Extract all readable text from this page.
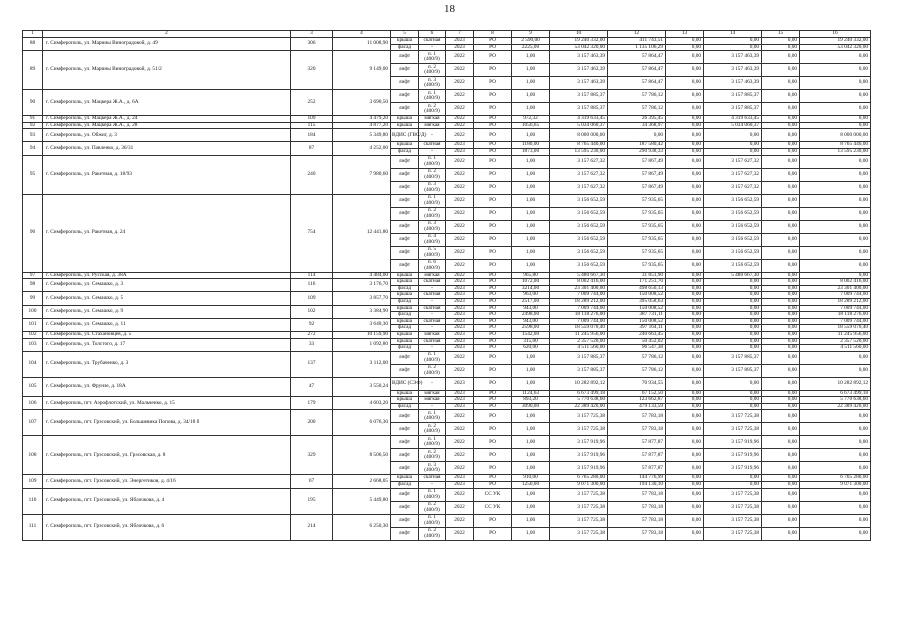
18
1	2	3	4	5	6	7	8	9	10	12	13	14	15	16
88	г. Симферополь, ул. Марины Виноградовой, д. 49	306	11 008,90	крыша	скатная	2023	РО	2 590,00	19 240 332,00	411 743,51	0,00	0,00	0,00	19 240 332,00
				фасад	-	2023	РО	2225,00	53 042 320,00	1 135 106,29	0,00	0,00	0,00	53 042 320,00
89	г. Симферополь, ул. Марины Виноградовой, д. 51/2	320	9 149,00	лифт	п. 1 (400/9)	2022	РО	1,00	3 157 463,39	57 864,47	0,00	3 157 463,39	0,00	0,00
				лифт	п. 2 (400/9)	2022	РО	1,00	3 157 463,39	57 864,47	0,00	3 157 463,39	0,00	0,00
				лифт	п. 3 (400/9)	2022	РО	1,00	3 157 463,39	57 864,47	0,00	3 157 463,39	0,00	0,00
90	г. Симферополь, ул. Мацкера Ж.А., д. 6А	252	3 690,50	лифт	п. 1 (400/9)	2022	РО	1,00	3 157 885,37	57 786,12	0,00	3 157 885,37	0,00	0,00
				лифт	п. 2 (400/9)	2022	РО	1,00	3 157 885,37	57 786,12	0,00	3 157 885,37	0,00	0,00
91	г. Симферополь, ул. Мацкера Ж.А., д. 24	109	4 479,20	крыша	мягкая	2022	РО	972,32	4 319 633,45	26 395,45	0,00	4 319 633,45	0,00	0,00
92	г. Симферополь, ул. Мацкера Ж.А., д. 28	115	4 877,20	крыша	мягкая	2022	РО	1056,65	5 034 060,37	34 368,97	0,00	5 034 060,37	0,00	0,00
93	г. Симферополь, ул. Обжиг, д. 3	184	5 349,80	ВДИС (ГВС/Д)	-	2022	РО	1,00	8 000 000,00	0,00	0,00	0,00	0,00	8 000 000,00
94	г. Симферополь, ул. Павленко, д. 36/31	87	4 252,00	крыша	скатная	2023	РО	1180,00	8 765 440,00	187 580,42	0,00	0,00	0,00	8 765 440,00
				фасад	-	2023	РО	1873,00	13 595 230,00	290 938,33	0,00	0,00	0,00	13 595 230,00
95	г. Симферополь, ул. Ракетная, д. 18/93	240	7 980,60	лифт	п. 1 (400/9)	2022	РО	1,00	3 157 627,32	57 867,49	0,00	3 157 627,32	0,00	0,00
				лифт	п. 2 (400/9)	2022	РО	1,00	3 157 627,32	57 867,49	0,00	3 157 627,32	0,00	0,00
				лифт	п. 3 (400/9)	2022	РО	1,00	3 157 627,32	57 867,49	0,00	3 157 627,32	0,00	0,00
96	г. Симферополь, ул. Ракетная, д. 24	754	12 441,80	лифт	п. 1 (400/9)	2022	РО	1,00	3 156 652,59	57 935,65	0,00	3 156 652,59	0,00	0,00
				лифт	п. 2 (400/9)	2022	РО	1,00	3 156 652,59	57 935,65	0,00	3 156 652,59	0,00	0,00
				лифт	п. 3 (400/9)	2022	РО	1,00	3 156 652,59	57 935,65	0,00	3 156 652,59	0,00	0,00
				лифт	п. 4 (400/9)	2022	РО	1,00	3 156 652,59	57 935,65	0,00	3 156 652,59	0,00	0,00
				лифт	п. 5 (400/9)	2022	РО	1,00	3 156 652,59	57 935,65	0,00	3 156 652,59	0,00	0,00
				лифт	п. 6 (400/9)	2022	РО	1,00	3 156 652,59	57 935,65	0,00	3 156 652,59	0,00	0,00
97	г. Симферополь, ул. Русская, д. 38А	114	4 484,00	крыша	мягкая	2022	РО	965,80	5 480 667,30	31 851,90	0,00	5 480 667,30	0,00	0,00
98	г. Симферополь, ул. Семашко, д. 3	116	3 176,70	крыша	скатная	2023	РО	1072,00	8 002 416,00	171 251,70	0,00	0,00	0,00	8 002 416,00
				фасад	-	2023	РО	3214,00	23 301 400,00	498 650,13	0,00	0,00	0,00	23 301 400,00
99	г. Симферополь, ул. Семашко, д. 5	109	3 857,70	крыша	скатная	2023	РО	963,00	7 009 744,00	150 008,52	0,00	0,00	0,00	7 009 744,00
				фасад	-	2023	РО	2517,00	18 289 212,00	395 058,63	0,00	0,00	0,00	18 289 212,00
100	г. Симферополь, ул. Семашко, д. 9	102	3 384,90	крыша	скатная	2023	РО	943,00	7 009 744,00	150 008,52	0,00	0,00	0,00	7 009 744,00
				фасад	-	2023	РО	2498,00	18 118 276,00	387 731,11	0,00	0,00	0,00	18 118 276,00
101	г. Симферополь, ул. Семашко, д. 11	92	3 640,30	крыша	скатная	2023	РО	943,00	7 009 744,00	150 008,52	0,00	0,00	0,00	7 009 744,00
				фасад	-	2023	РО	2598,00	18 559 070,40	397 164,11	0,00	0,00	0,00	18 559 070,40
102	г. Симферополь, ул. Стахановцев, д. 5	272	10 159,90	крыша	мягкая	2023	РО	1542,00	11 245 956,00	240 663,45	0,00	0,00	0,00	11 245 956,00
103	г. Симферополь, ул. Толстого, д. 17	33	1 092,80	крыша	скатная	2023	РО	315,00	2 357 520,00	50 452,02	0,00	0,00	0,00	2 357 520,00
				фасад	-	2023	РО	620,00	4 511 560,00	96 547,38	0,00	0,00	0,00	4 511 560,00
104	г. Симферополь, ул. Трубаченко, д. 3	137	3 112,00	лифт	п. 1 (400/9)	2022	РО	1,00	3 157 885,37	57 786,12	0,00	3 157 885,37	0,00	0,00
				лифт	п. 2 (400/9)	2022	РО	1,00	3 157 885,37	57 786,12	0,00	3 157 885,37	0,00	0,00
105	г. Симферополь, ул. Фрунзе, д. 18А	47	3 550,24	ВДИС (СЭФ)	-	2023	РО	1,00	10 282 892,12	70 934,55	0,00	0,00	0,00	10 282 892,12
				крыша	мягкая	2023	РО	1124,63	6 673 499,18	67 152,50	0,00	0,00	0,00	6 673 499,18
106	г. Симферополь, пгт. Аэрофлотский, ул. Мальченко, д. 15	179	4 603,20	крыша	мягкая	2023	РО	893,20	5 770 638,60	123 662,87	0,00	0,00	0,00	5 770 638,60
				фасад	-	2023	РО	3090,00	22 389 420,00	479 133,59	0,00	0,00	0,00	22 389 420,00
107	г. Симферополь, пгт. Грэсовский, ул. Большевика Попова, д. 34/18 б	200	6 076,30	лифт	п. 1 (400/9)	2022	РО	1,00	3 157 725,38	57 783,18	0,00	3 157 725,38	0,00	0,00
				лифт	п. 2 (400/9)	2022	РО	1,00	3 157 725,38	57 783,18	0,00	3 157 725,38	0,00	0,00
108	г. Симферополь, пгт. Грэсовский, ул. Грэсовская, д. 8	329	8 506,50	лифт	п. 1 (400/9)	2022	РО	1,00	3 157 919,96	57 877,87	0,00	3 157 919,96	0,00	0,00
				лифт	п. 2 (400/9)	2022	РО	1,00	3 157 919,96	57 877,87	0,00	3 157 919,96	0,00	0,00
				лифт	п. 3 (400/9)	2022	РО	1,00	3 157 919,96	57 877,87	0,00	3 157 919,96	0,00	0,00
109	г. Симферополь, пгт. Грэсовский, ул. Энергетиков, д. 4/16	67	2 668,05	крыша	скатная	2023	РО	910,00	6 765 280,00	144 776,99	0,00	0,00	0,00	6 765 280,00
				фасад	-	2023	РО	1250,00	9 071 300,00	194 130,10	0,00	0,00	0,00	9 071 300,00
110	г. Симферополь, пгт. Грэсовский, ул. Яблочкова, д. 4	195	5 449,80	лифт	п. 1 (400/9)	2022	СС УК	1,00	3 157 725,38	57 783,18	0,00	3 157 725,38	0,00	0,00
				лифт	п. 2 (400/9)	2022	СС УК	1,00	3 157 725,38	57 783,18	0,00	3 157 725,38	0,00	0,00
111	г. Симферополь, пгт. Грэсовский, ул. Яблочкова, д. 6	214	6 250,30	лифт	п. 1 (400/9)	2022	РО	1,00	3 157 725,38	57 783,18	0,00	3 157 725,38	0,00	0,00
				лифт	п. 2 (400/9)	2022	РО	1,00	3 157 725,38	57 783,18	0,00	3 157 725,38	0,00	0,00
